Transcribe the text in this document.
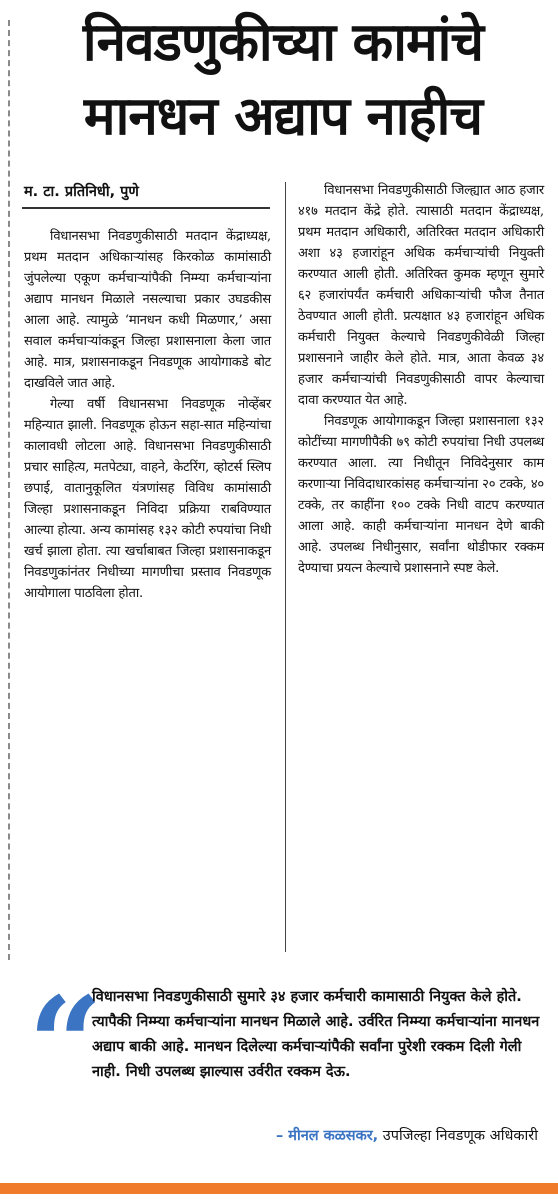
निवडणुकीच्या कामांचे
मानधन अद्याप नाहीच
म. टा. प्रतिनिधी, पुणे

विधानसभा निवडणुकीसाठी मतदान केंद्राध्यक्ष, प्रथम मतदान अधिकाऱ्यांसह किरकोळ कामांसाठी जुंपलेल्या एकूण कर्मचाऱ्यांपैकी निम्म्या कर्मचाऱ्यांना अद्याप मानधन मिळाले नसल्याचा प्रकार उघडकीस आला आहे. त्यामुळे ‘मानधन कधी मिळणार,’ असा सवाल कर्मचाऱ्यांकडून जिल्हा प्रशासनाला केला जात आहे. मात्र, प्रशासनाकडून निवडणूक आयोगाकडे बोट दाखविले जात आहे.

गेल्या वर्षी विधानसभा निवडणूक नोव्हेंबर महिन्यात झाली. निवडणूक होऊन सहा-सात महिन्यांचा कालावधी लोटला आहे. विधानसभा निवडणुकीसाठी प्रचार साहित्य, मतपेट्या, वाहने, केटरिंग, व्होटर्स स्लिप छपाई, वातानुकूलित यंत्रणांसह विविध कामांसाठी जिल्हा प्रशासनाकडून निविदा प्रक्रिया राबविण्यात आल्या होत्या. अन्य कामांसह १३२ कोटी रुपयांचा निधी खर्च झाला होता. त्या खर्चाबाबत जिल्हा प्रशासनाकडून निवडणुकांनंतर निधीच्या मागणीचा प्रस्ताव निवडणूक आयोगाला पाठविला होता.

विधानसभा निवडणुकीसाठी जिल्ह्यात आठ हजार ४१७ मतदान केंद्रे होते. त्यासाठी मतदान केंद्राध्यक्ष, प्रथम मतदान अधिकारी, अतिरिक्त मतदान अधिकारी अशा ४३ हजारांहून अधिक कर्मचाऱ्यांची नियुक्ती करण्यात आली होती. अतिरिक्त कुमक म्हणून सुमारे ६२ हजारांपर्यंत कर्मचारी अधिकाऱ्यांची फौज तैनात ठेवण्यात आली होती. प्रत्यक्षात ४३ हजारांहून अधिक कर्मचारी नियुक्त केल्याचे निवडणुकीवेळी जिल्हा प्रशासनाने जाहीर केले होते. मात्र, आता केवळ ३४ हजार कर्मचाऱ्यांची निवडणुकीसाठी वापर केल्याचा दावा करण्यात येत आहे.

निवडणूक आयोगाकडून जिल्हा प्रशासनाला १३२ कोटींच्या मागणीपैकी ७९ कोटी रुपयांचा निधी उपलब्ध करण्यात आला. त्या निधीतून निविदेनुसार काम करणाऱ्या निविदाधारकांसह कर्मचाऱ्यांना २० टक्के, ४० टक्के, तर काहींना १०० टक्के निधी वाटप करण्यात आला आहे. काही कर्मचाऱ्यांना मानधन देणे बाकी आहे. उपलब्ध निधीनुसार, सर्वांना थोडीफार रक्कम देण्याचा प्रयत्न केल्याचे प्रशासनाने स्पष्ट केले.

“
विधानसभा निवडणुकीसाठी सुमारे ३४ हजार कर्मचारी कामासाठी नियुक्त केले होते. त्यापैकी निम्म्या कर्मचाऱ्यांना मानधन मिळाले आहे. उर्वरित निम्म्या कर्मचाऱ्यांना मानधन अद्याप बाकी आहे. मानधन दिलेल्या कर्मचाऱ्यांपैकी सर्वांना पुरेशी रक्कम दिली गेली नाही. निधी उपलब्ध झाल्यास उर्वरीत रक्कम देऊ.
– मीनल कळसकर, उपजिल्हा निवडणूक अधिकारी
